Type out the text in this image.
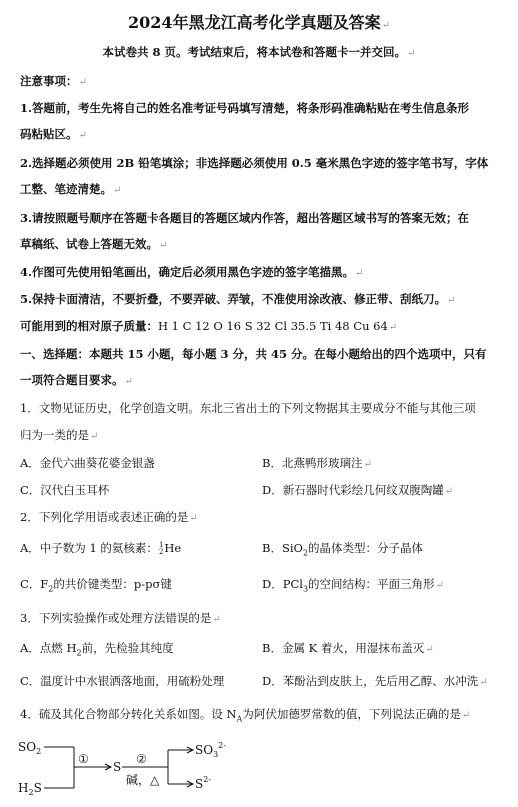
2024年黑龙江高考化学真题及答案↵
本试卷共 8 页。考试结束后，将本试卷和答题卡一并交回。↵
注意事项：↵
1.答题前，考生先将自己的姓名准考证号码填写清楚，将条形码准确粘贴在考生信息条形
码粘贴区。↵
2.选择题必须使用 2B 铅笔填涂；非选择题必须使用 0.5 毫米黑色字迹的签字笔书写，字体
工整、笔迹清楚。↵
3.请按照题号顺序在答题卡各题目的答题区域内作答，超出答题区域书写的答案无效；在
草稿纸、试卷上答题无效。↵
4.作图可先使用铅笔画出，确定后必须用黑色字迹的签字笔描黑。↵
5.保持卡面清洁，不要折叠，不要弄破、弄皱，不准使用涂改液、修正带、刮纸刀。↵
可能用到的相对原子质量：H 1 C 12 O 16 S 32 Cl 35.5 Ti 48 Cu 64↵
一、选择题：本题共 15 小题，每小题 3 分，共 45 分。在每小题给出的四个选项中，只有
一项符合题目要求。↵
1．文物见证历史，化学创造文明。东北三省出土的下列文物据其主要成分不能与其他三项
归为一类的是↵
A．金代六曲葵花婆金银盏	B．北燕鸭形玻璃注↵
C．汉代白玉耳杯	D．新石器时代彩绘几何纹双腹陶罐↵
2．下列化学用语或表述正确的是↵
A．中子数为 1 的氦核素：1
2He	B．SiO$_2$的晶体类型：分子晶体
C．$F_2$的共价键类型：p-pσ键	D．PCl$_3$的空间结构：平面三角形↵
3．下列实验操作或处理方法错误的是↵
A．点燃 $H_2$前，先检验其纯度	B．金属 K 着火，用湿抹布盖灭↵
C．温度计中水银洒落地面，用硫粉处理	D．苯酚沾到皮肤上，先后用乙醇、水冲洗↵
4．硫及其化合物部分转化关系如图。设 $N_A$为阿伏加德罗常数的值，下列说法正确的是↵
$SO_2$
$H_2S$
①
S
②
碱，△
$SO_3^{2-}$
$S^{2-}$
